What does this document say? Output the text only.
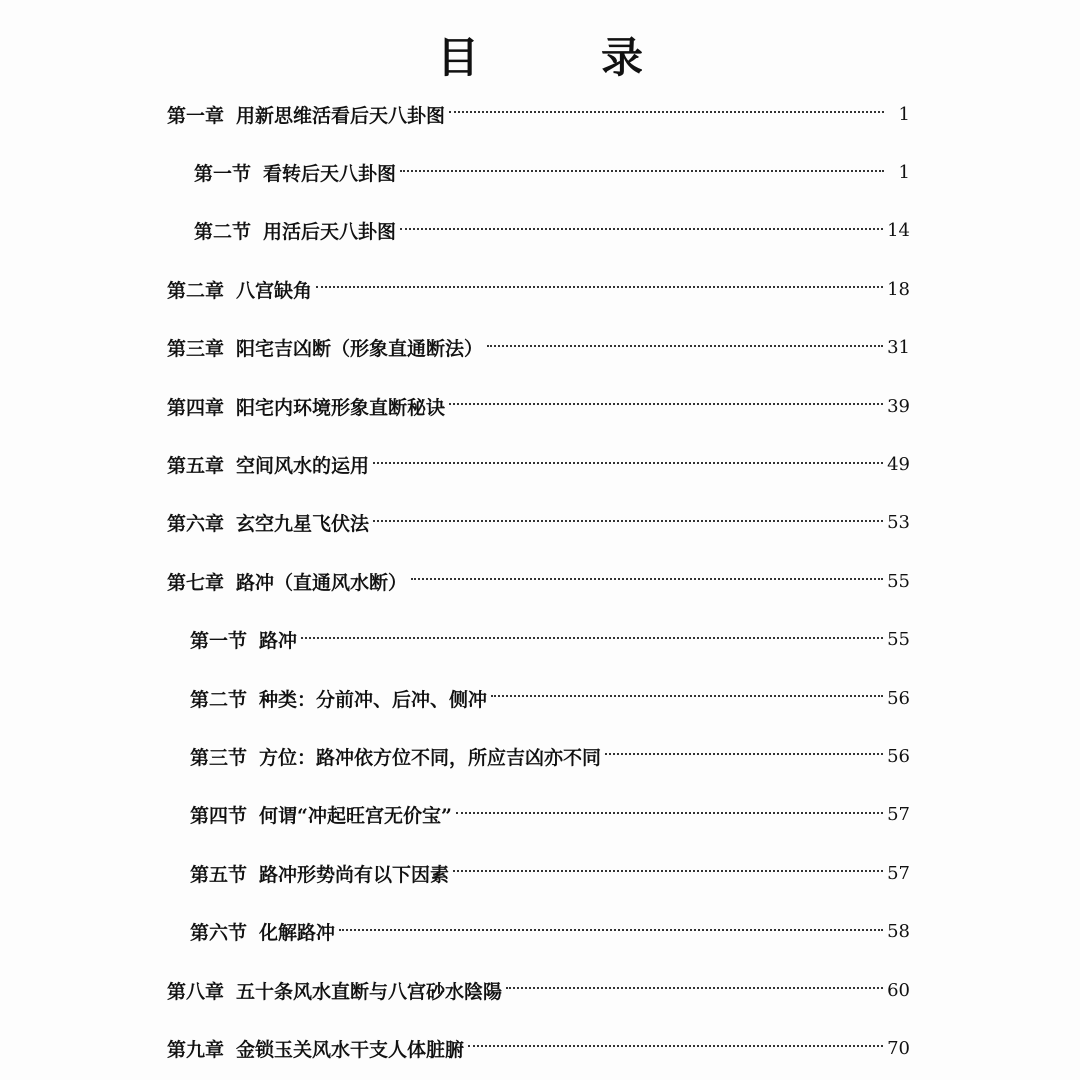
目　录
第一章 用新思维活看后天八卦图	1
第一节 看转后天八卦图	1
第二节 用活后天八卦图	14
第二章 八宫缺角	18
第三章 阳宅吉凶断（形象直通断法）	31
第四章 阳宅内环境形象直断秘诀	39
第五章 空间风水的运用	49
第六章 玄空九星飞伏法	53
第七章 路冲（直通风水断）	55
第一节 路冲	55
第二节 种类：分前冲、后冲、侧冲	56
第三节 方位：路冲依方位不同，所应吉凶亦不同	56
第四节 何谓“冲起旺宫无价宝”	57
第五节 路冲形势尚有以下因素	57
第六节 化解路冲	58
第八章 五十条风水直断与八宫砂水陰陽	60
第九章 金锁玉关风水干支人体脏腑	70
